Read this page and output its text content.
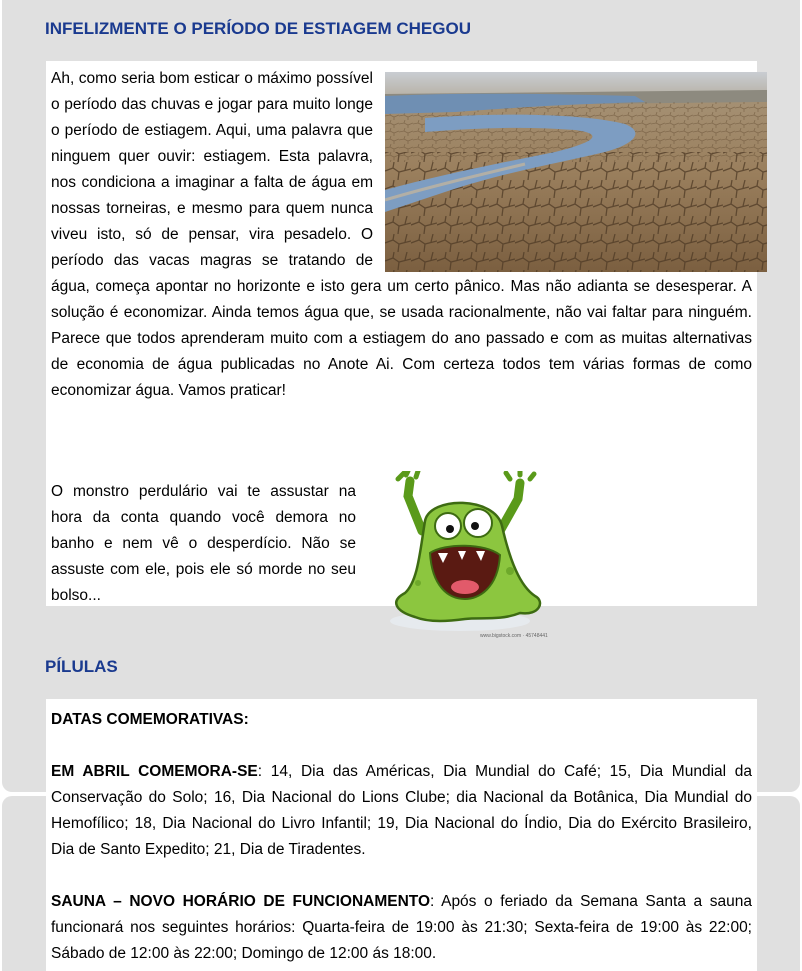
INFELIZMENTE O PERÍODO DE ESTIAGEM CHEGOU
Ah, como seria bom esticar o máximo possível o período das chuvas e jogar para muito longe o período de estiagem. Aqui, uma palavra que ninguem quer ouvir: estiagem. Esta palavra, nos condiciona a imaginar a falta de água em nossas torneiras, e mesmo para quem nunca viveu isto, só de pensar, vira pesadelo. O período das vacas magras se tratando de água, começa apontar no horizonte e isto gera um certo pânico. Mas não adianta se desesperar. A solução é economizar. Ainda temos água que, se usada racionalmente, não vai faltar para ninguém. Parece que todos aprenderam muito com a estiagem do ano passado e com as muitas alternativas de economia de água publicadas no Anote Ai. Com certeza todos tem várias formas de como economizar água. Vamos praticar!
www.bigstock.com · 45748441
O monstro perdulário vai te assustar na hora da conta quando você demora no banho e nem vê o desperdício. Não se assuste com ele, pois ele só morde no seu bolso...
PÍLULAS

DATAS COMEMORATIVAS:

EM ABRIL COMEMORA-SE: 14, Dia das Américas, Dia Mundial do Café; 15, Dia Mundial da Conservação do Solo; 16, Dia Nacional do Lions Clube; dia Nacional da Botânica, Dia Mundial do Hemofílico; 18, Dia Nacional do Livro Infantil; 19, Dia Nacional do Índio, Dia do Exército Brasileiro, Dia de Santo Expedito; 21, Dia de Tiradentes.

SAUNA – NOVO HORÁRIO DE FUNCIONAMENTO: Após o feriado da Semana Santa a sauna funcionará nos seguintes horários: Quarta-feira de 19:00 às 21:30; Sexta-feira de 19:00 às 22:00; Sábado de 12:00 às 22:00; Domingo de 12:00 ás 18:00.
